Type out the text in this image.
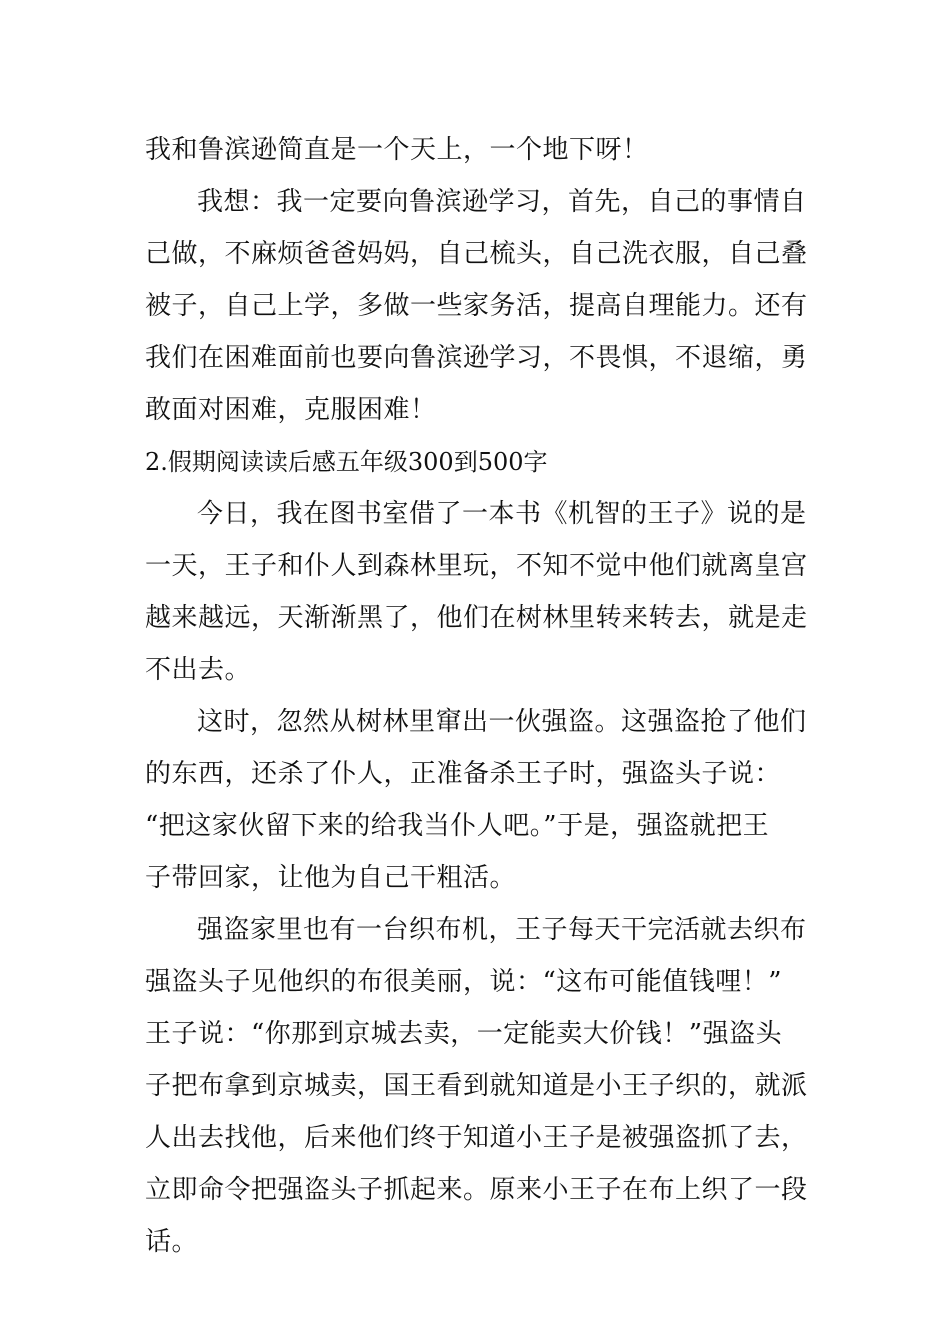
我和鲁滨逊简直是一个天上，一个地下呀！
我想：我一定要向鲁滨逊学习，首先，自己的事情自
己做，不麻烦爸爸妈妈，自己梳头，自己洗衣服，自己叠
被子，自己上学，多做一些家务活，提高自理能力。还有
我们在困难面前也要向鲁滨逊学习，不畏惧，不退缩，勇
敢面对困难，克服困难！
2.假期阅读读后感五年级300到500字
今日，我在图书室借了一本书《机智的王子》说的是
一天，王子和仆人到森林里玩，不知不觉中他们就离皇宫
越来越远，天渐渐黑了，他们在树林里转来转去，就是走
不出去。
这时，忽然从树林里窜出一伙强盗。这强盗抢了他们
的东西，还杀了仆人，正准备杀王子时，强盗头子说：
“把这家伙留下来的给我当仆人吧。”于是，强盗就把王
子带回家，让他为自己干粗活。
强盗家里也有一台织布机，王子每天干完活就去织布
强盗头子见他织的布很美丽，说：“这布可能值钱哩！”
王子说：“你那到京城去卖，一定能卖大价钱！”强盗头
子把布拿到京城卖，国王看到就知道是小王子织的，就派
人出去找他，后来他们终于知道小王子是被强盗抓了去，
立即命令把强盗头子抓起来。原来小王子在布上织了一段
话。
